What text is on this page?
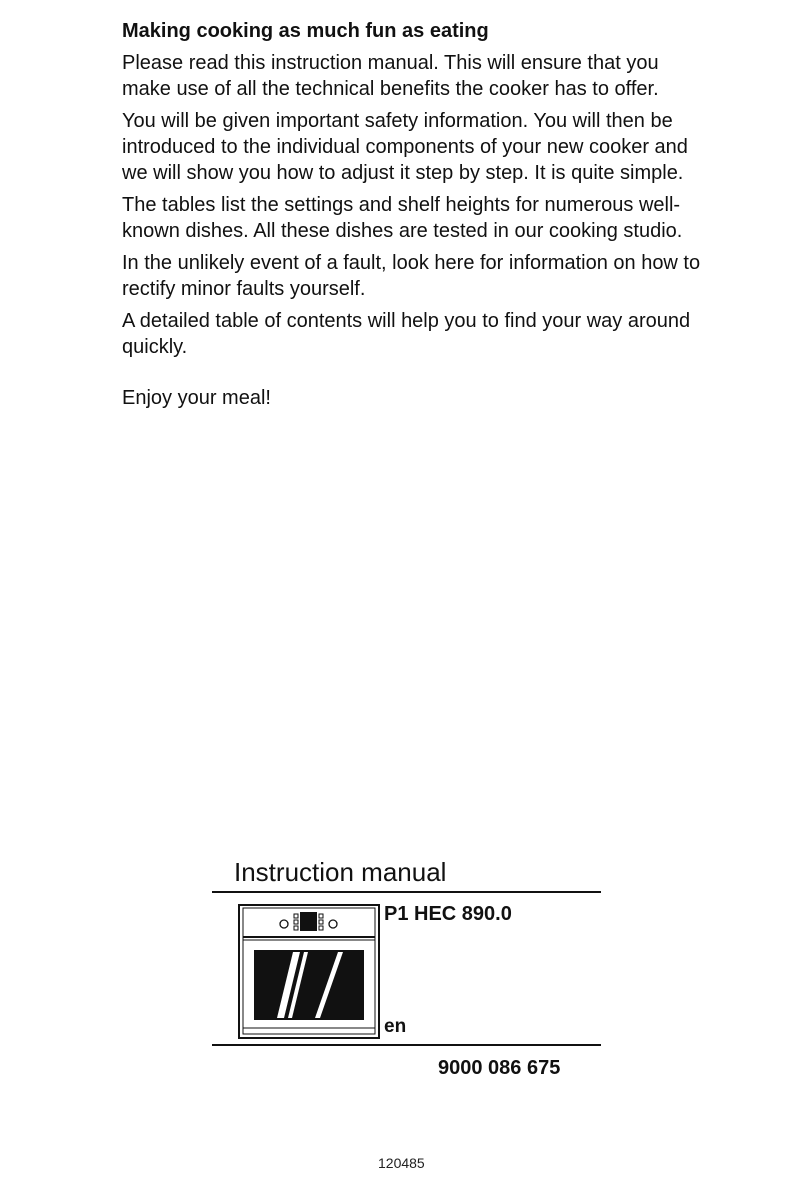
Making cooking as much fun as eating

Please read this instruction manual. This will ensure that you make use of all the technical benefits the cooker has to offer.

You will be given important safety information. You will then be introduced to the individual components of your new cooker and we will show you how to adjust it step by step. It is quite simple.

The tables list the settings and shelf heights for numerous well-known dishes. All these dishes are tested in our cooking studio.

In the unlikely event of a fault, look here for information on how to rectify minor faults yourself.

A detailed table of contents will help you to find your way around quickly.

Enjoy your meal!

Instruction manual
P1 HEC 890.0
en
9000 086 675
120485
